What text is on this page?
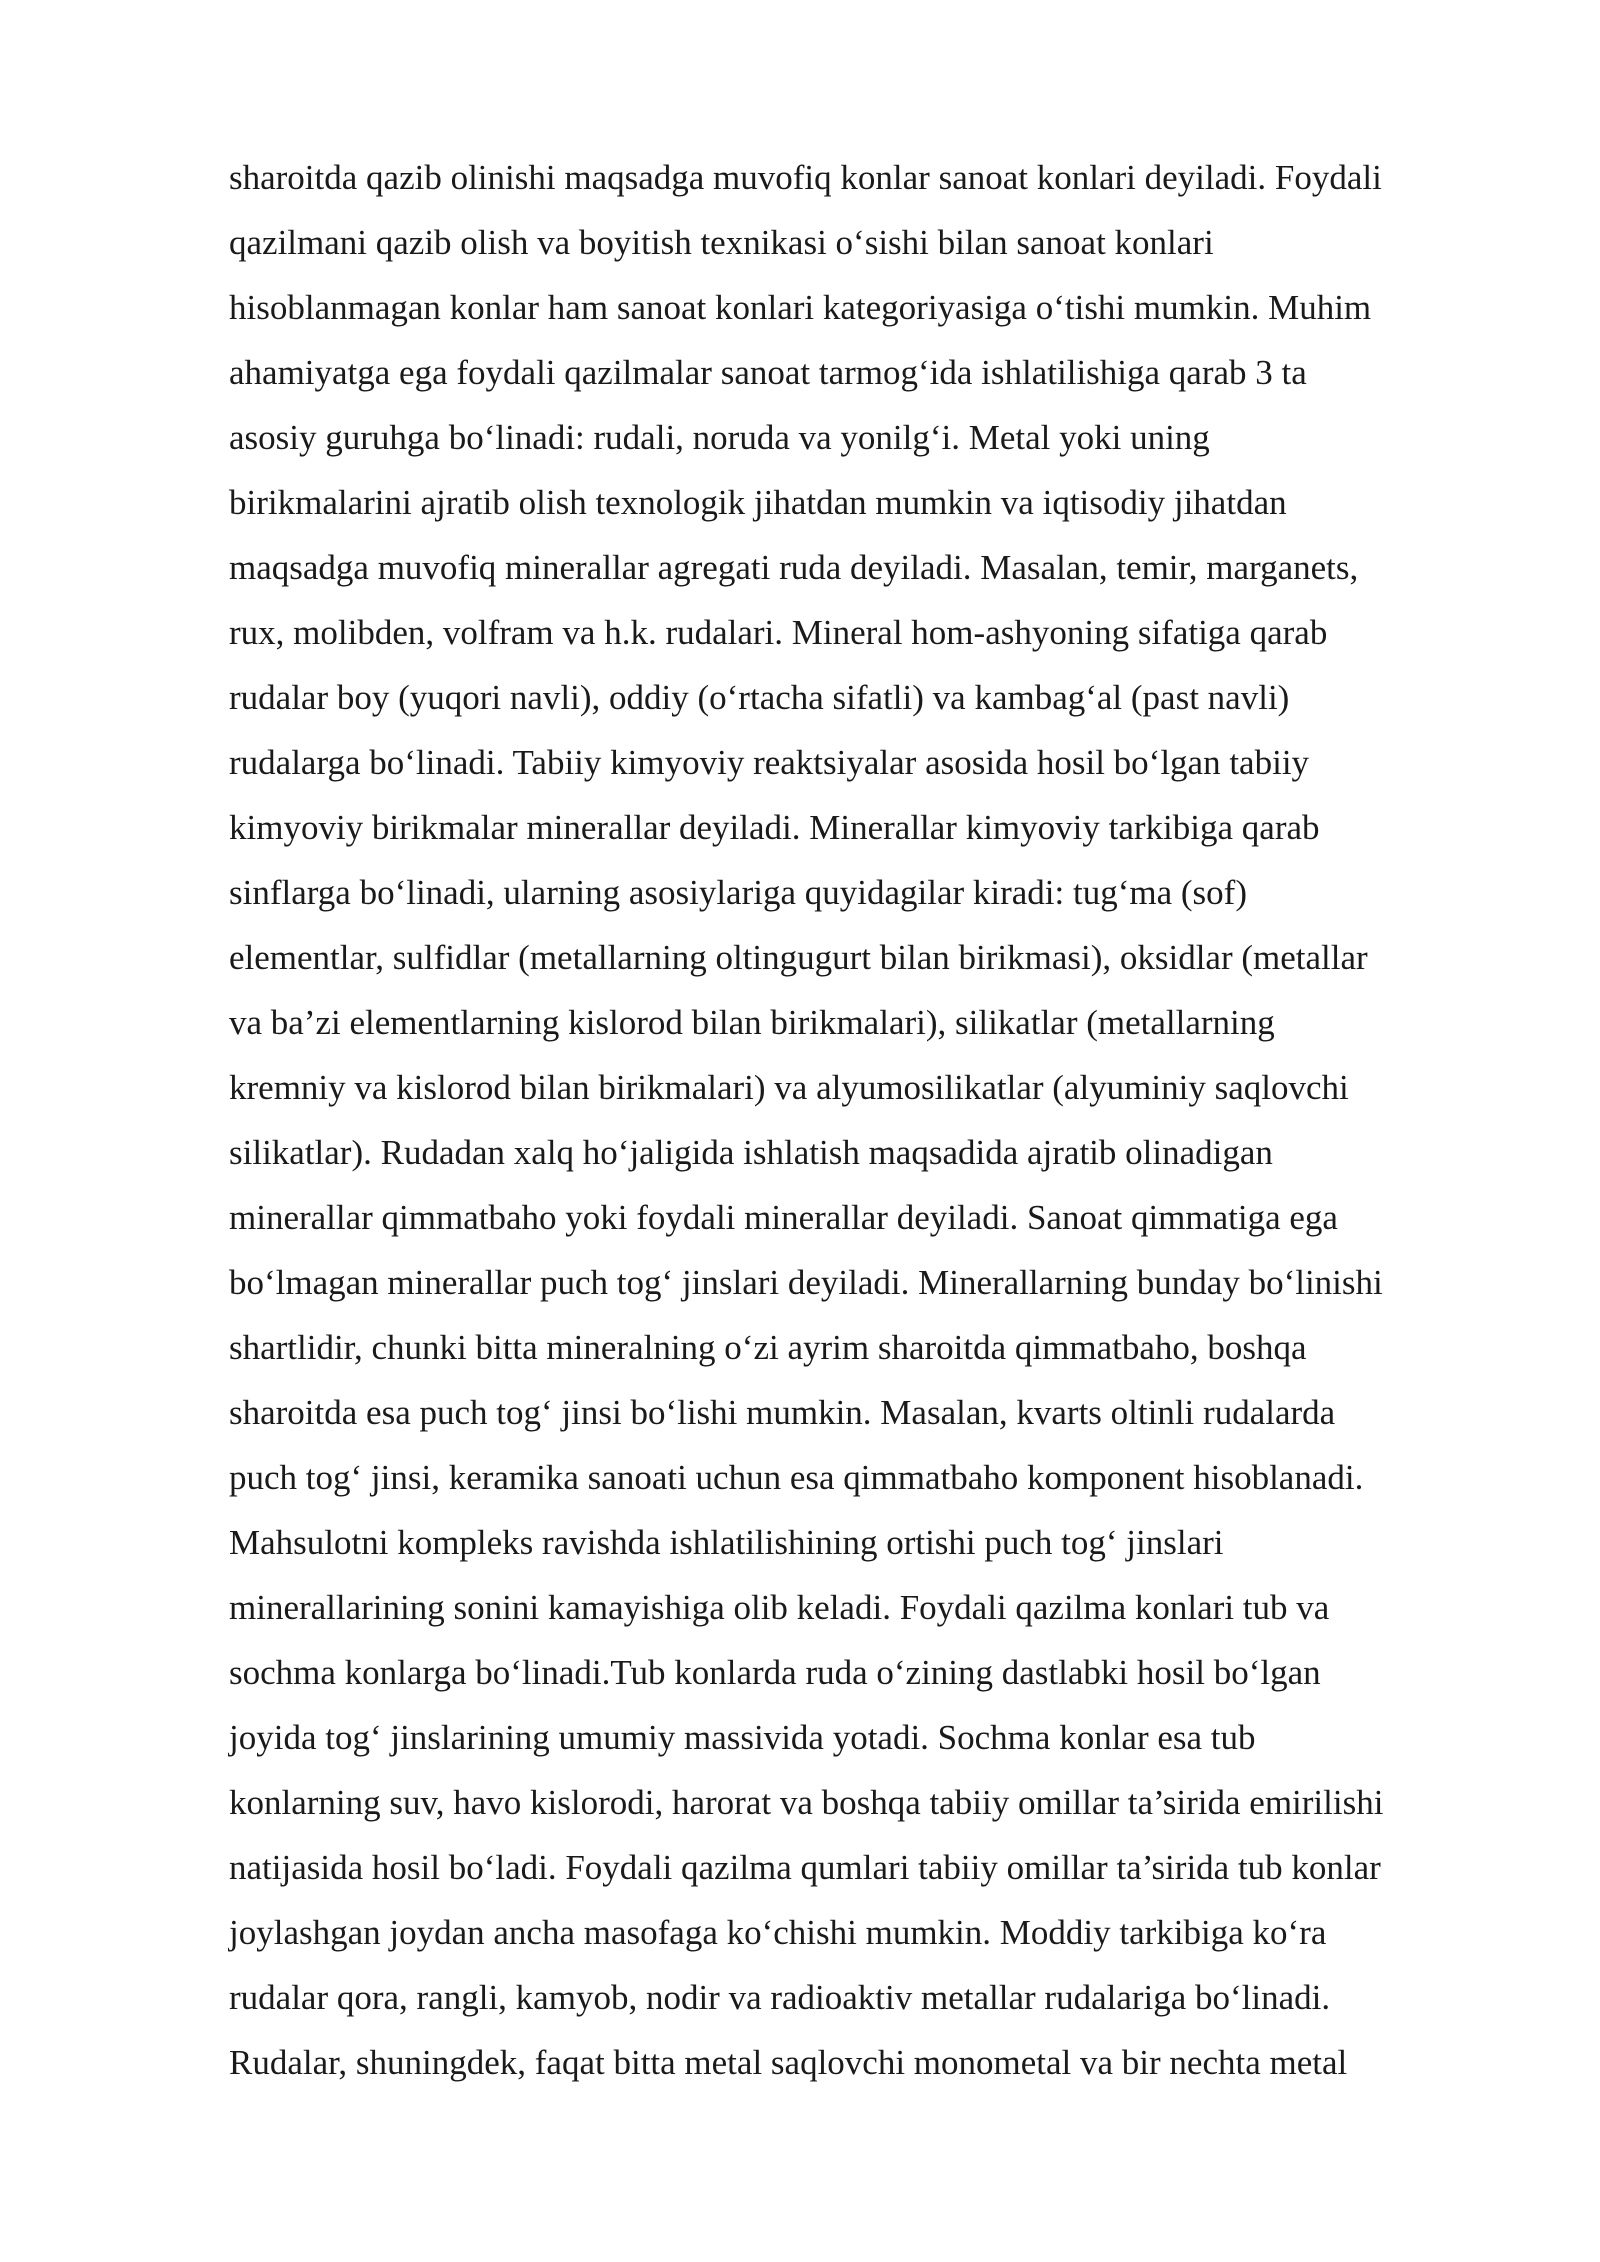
sharoitda qazib olinishi maqsadga muvofiq konlar sanoat konlari deyiladi. Foydali
qazilmani qazib olish va boyitish texnikasi o‘sishi bilan sanoat konlari
hisoblanmagan konlar ham sanoat konlari kategoriyasiga o‘tishi mumkin. Muhim
ahamiyatga ega foydali qazilmalar sanoat tarmog‘ida ishlatilishiga qarab 3 ta
asosiy guruhga bo‘linadi: rudali, noruda va yonilg‘i. Metal yoki uning
birikmalarini ajratib olish texnologik jihatdan mumkin va iqtisodiy jihatdan
maqsadga muvofiq minerallar agregati ruda deyiladi. Masalan, temir, marganets,
rux, molibden, volfram va h.k. rudalari. Mineral hom-ashyoning sifatiga qarab
rudalar boy (yuqori navli), oddiy (o‘rtacha sifatli) va kambag‘al (past navli)
rudalarga bo‘linadi. Tabiiy kimyoviy reaktsiyalar asosida hosil bo‘lgan tabiiy
kimyoviy birikmalar minerallar deyiladi. Minerallar kimyoviy tarkibiga qarab
sinflarga bo‘linadi, ularning asosiylariga quyidagilar kiradi: tug‘ma (sof)
elementlar, sulfidlar (metallarning oltingugurt bilan birikmasi), oksidlar (metallar
va ba’zi elementlarning kislorod bilan birikmalari), silikatlar (metallarning
kremniy va kislorod bilan birikmalari) va alyumosilikatlar (alyuminiy saqlovchi
silikatlar). Rudadan xalq ho‘jaligida ishlatish maqsadida ajratib olinadigan
minerallar qimmatbaho yoki foydali minerallar deyiladi. Sanoat qimmatiga ega
bo‘lmagan minerallar puch tog‘ jinslari deyiladi. Minerallarning bunday bo‘linishi
shartlidir, chunki bitta mineralning o‘zi ayrim sharoitda qimmatbaho, boshqa
sharoitda esa puch tog‘ jinsi bo‘lishi mumkin. Masalan, kvarts oltinli rudalarda
puch tog‘ jinsi, keramika sanoati uchun esa qimmatbaho komponent hisoblanadi.
Mahsulotni kompleks ravishda ishlatilishining ortishi puch tog‘ jinslari
minerallarining sonini kamayishiga olib keladi. Foydali qazilma konlari tub va
sochma konlarga bo‘linadi.Tub konlarda ruda o‘zining dastlabki hosil bo‘lgan
joyida tog‘ jinslarining umumiy massivida yotadi. Sochma konlar esa tub
konlarning suv, havo kislorodi, harorat va boshqa tabiiy omillar ta’sirida emirilishi
natijasida hosil bo‘ladi. Foydali qazilma qumlari tabiiy omillar ta’sirida tub konlar
joylashgan joydan ancha masofaga ko‘chishi mumkin. Moddiy tarkibiga ko‘ra
rudalar qora, rangli, kamyob, nodir va radioaktiv metallar rudalariga bo‘linadi.
Rudalar, shuningdek, faqat bitta metal saqlovchi monometal va bir nechta metal
